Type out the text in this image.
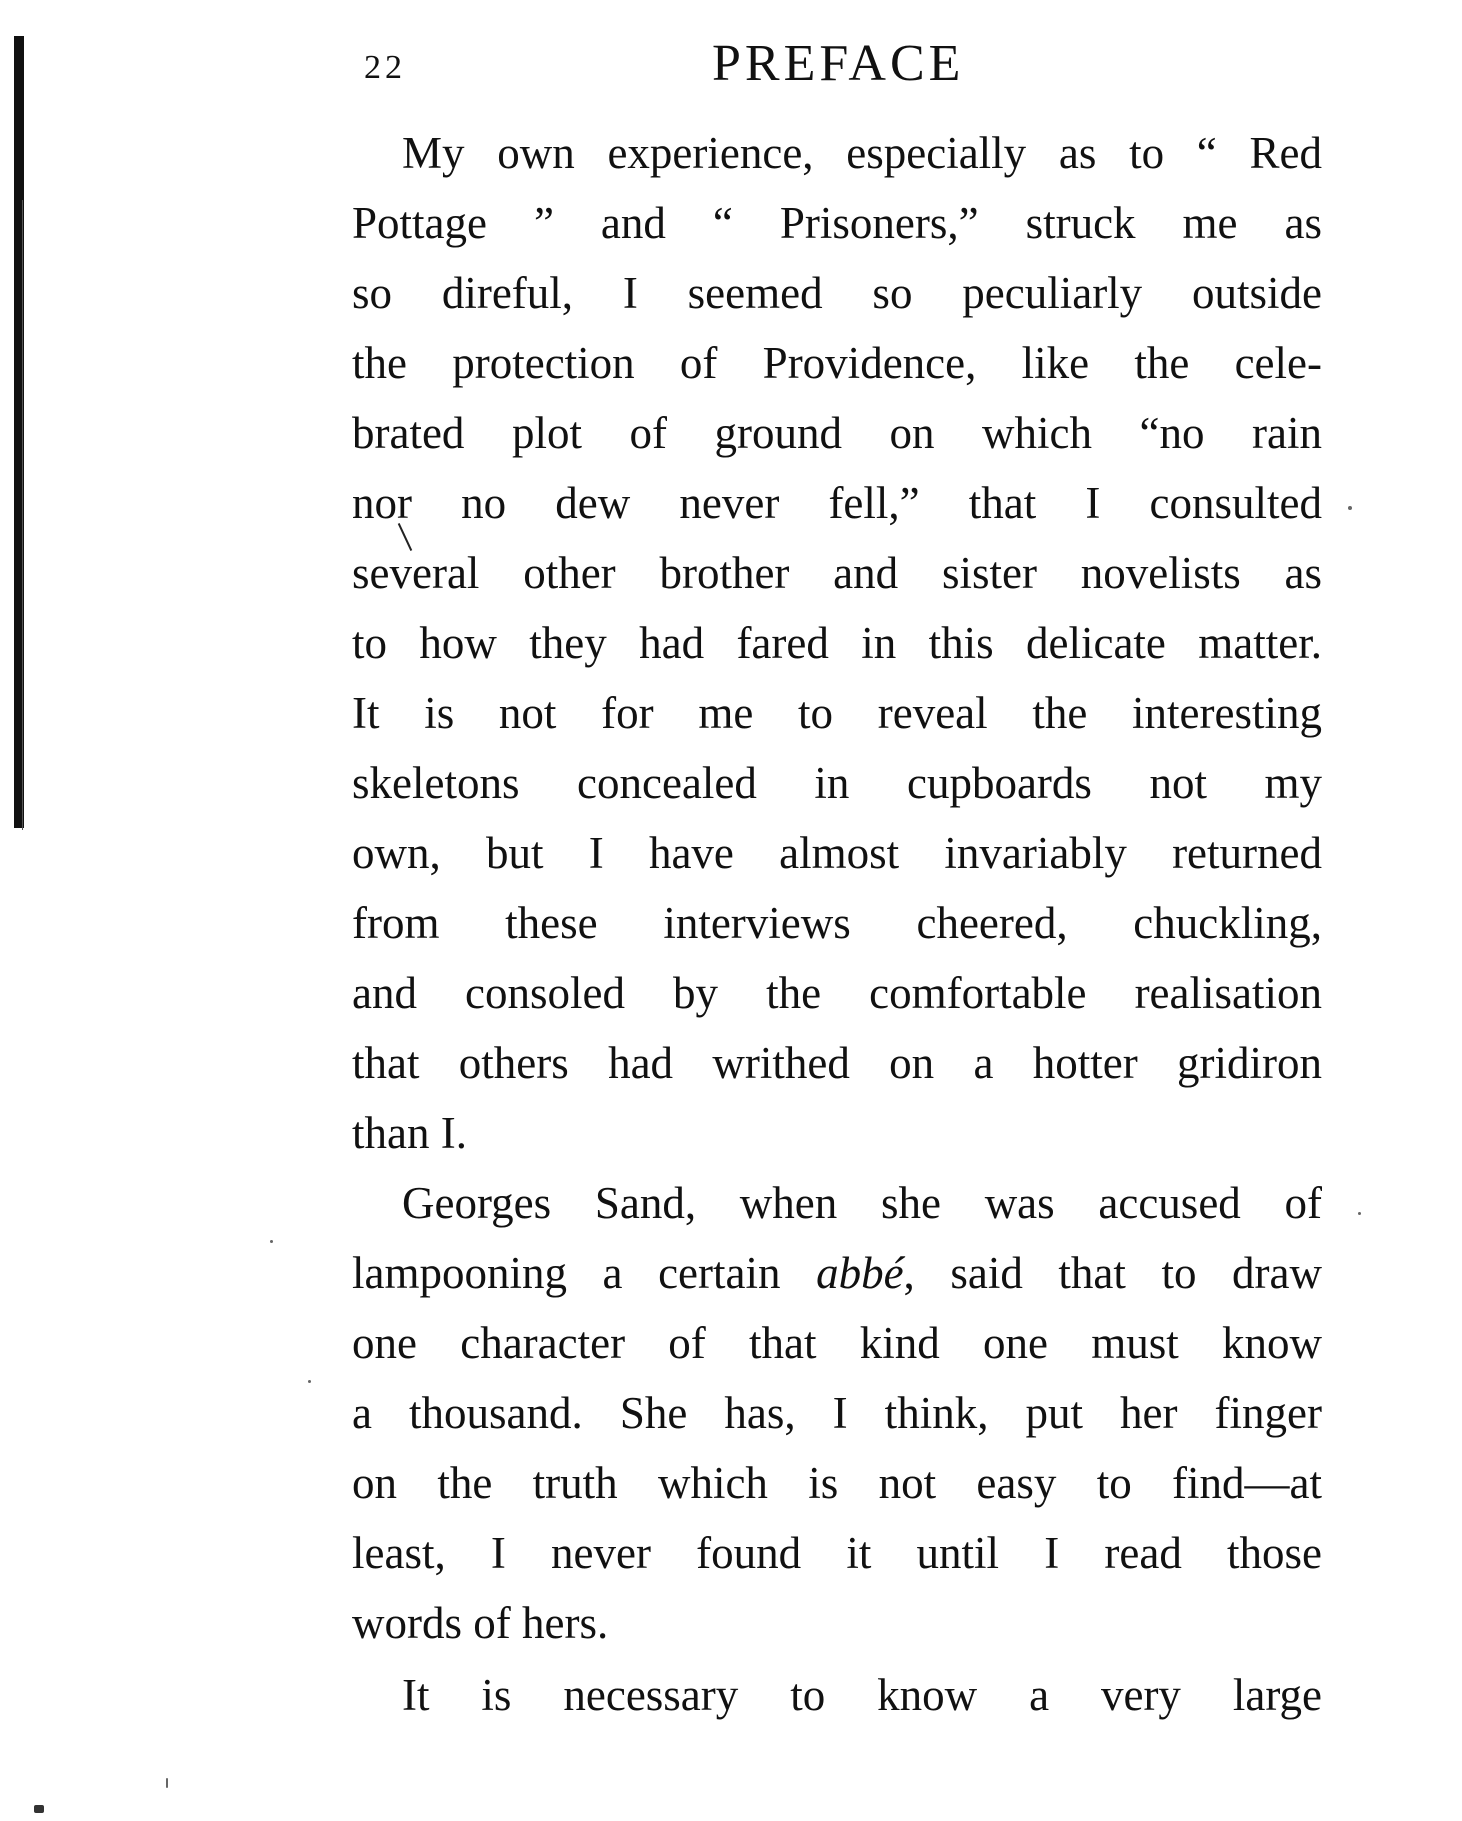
22	PREFACE
My own experience, especially as to “ Red
Pottage ” and “ Prisoners,” struck me as
so direful, I seemed so peculiarly outside
the protection of Providence, like the cele-
brated plot of ground on which “no rain
nor no dew never fell,” that I consulted
several other brother and sister novelists as
to how they had fared in this delicate matter.
It is not for me to reveal the interesting
skeletons concealed in cupboards not my
own, but I have almost invariably returned
from these interviews cheered, chuckling,
and consoled by the comfortable realisation
that others had writhed on a hotter gridiron
than I.
Georges Sand, when she was accused of
lampooning a certain abbé, said that to draw
one character of that kind one must know
a thousand. She has, I think, put her finger
on the truth which is not easy to find—at
least, I never found it until I read those
words of hers.
It is necessary to know a very large
